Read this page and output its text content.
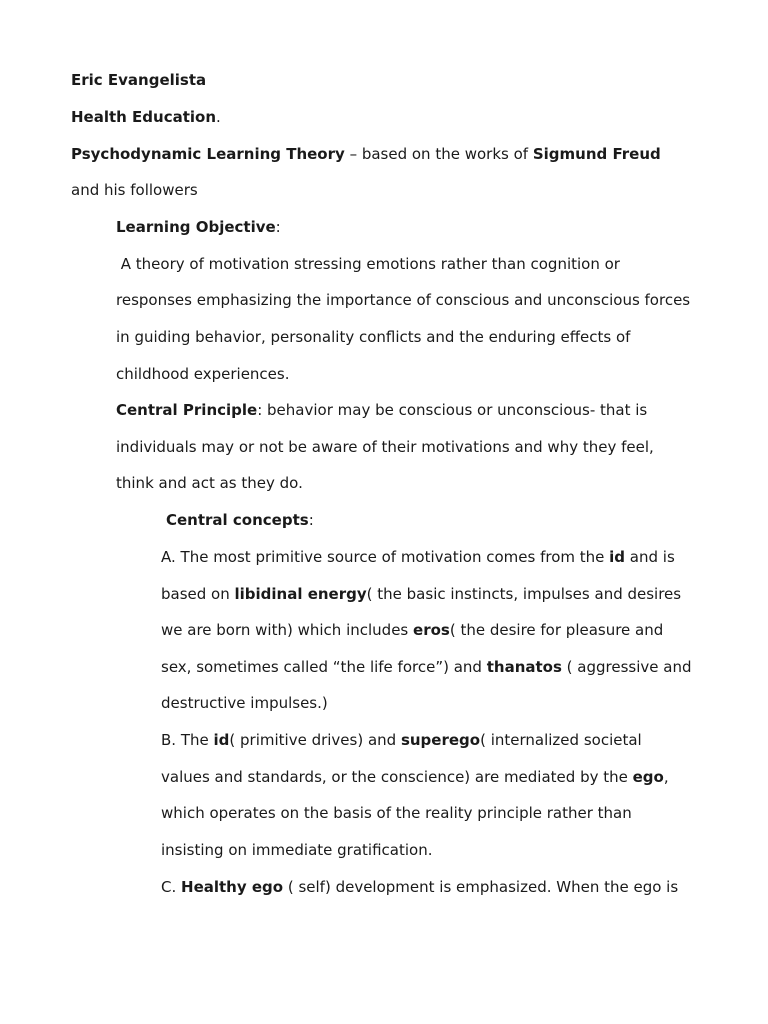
Eric Evangelista
Health Education.
Psychodynamic Learning Theory – based on the works of Sigmund Freud
and his followers
Learning Objective:
A theory of motivation stressing emotions rather than cognition or
responses emphasizing the importance of conscious and unconscious forces
in guiding behavior, personality conflicts and the enduring effects of
childhood experiences.
Central Principle: behavior may be conscious or unconscious- that is
individuals may or not be aware of their motivations and why they feel,
think and act as they do.
Central concepts:
A. The most primitive source of motivation comes from the id and is
based on libidinal energy( the basic instincts, impulses and desires
we are born with) which includes eros( the desire for pleasure and
sex, sometimes called “the life force”) and thanatos ( aggressive and
destructive impulses.)
B. The id( primitive drives) and superego( internalized societal
values and standards, or the conscience) are mediated by the ego,
which operates on the basis of the reality principle rather than
insisting on immediate gratification.
C. Healthy ego ( self) development is emphasized. When the ego is
